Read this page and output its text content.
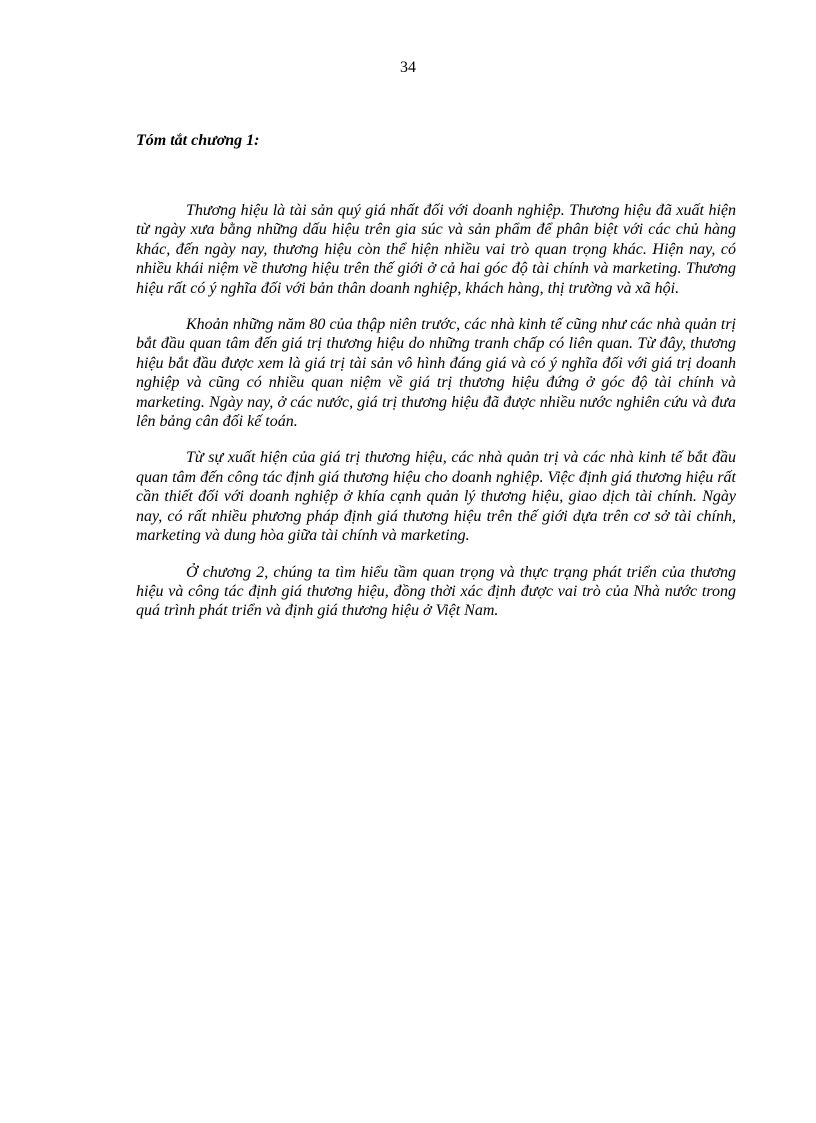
34
Tóm tắt chương 1:

Thương hiệu là tài sản quý giá nhất đối với doanh nghiệp. Thương hiệu đã xuất hiện từ ngày xưa bằng những dấu hiệu trên gia súc và sản phẩm để phân biệt với các chủ hàng khác, đến ngày nay, thương hiệu còn thể hiện nhiều vai trò quan trọng khác. Hiện nay, có nhiều khái niệm về thương hiệu trên thế giới ở cả hai góc độ tài chính và marketing. Thương hiệu rất có ý nghĩa đối với bản thân doanh nghiệp, khách hàng, thị trường và xã hội.

Khoản những năm 80 của thập niên trước, các nhà kinh tế cũng như các nhà quản trị bắt đầu quan tâm đến giá trị thương hiệu do những tranh chấp có liên quan. Từ đây, thương hiệu bắt đầu được xem là giá trị tài sản vô hình đáng giá và có ý nghĩa đối với giá trị doanh nghiệp và cũng có nhiều quan niệm về giá trị thương hiệu đứng ở góc độ tài chính và marketing. Ngày nay, ở các nước, giá trị thương hiệu đã được nhiều nước nghiên cứu và đưa lên bảng cân đối kế toán.

Từ sự xuất hiện của giá trị thương hiệu, các nhà quản trị và các nhà kinh tế bắt đầu quan tâm đến công tác định giá thương hiệu cho doanh nghiệp. Việc định giá thương hiệu rất cần thiết đối với doanh nghiệp ở khía cạnh quản lý thương hiệu, giao dịch tài chính. Ngày nay, có rất nhiều phương pháp định giá thương hiệu trên thế giới dựa trên cơ sở tài chính, marketing và dung hòa giữa tài chính và marketing.

Ở chương 2, chúng ta tìm hiểu tầm quan trọng và thực trạng phát triển của thương hiệu và công tác định giá thương hiệu, đồng thời xác định được vai trò của Nhà nước trong quá trình phát triển và định giá thương hiệu ở Việt Nam.
